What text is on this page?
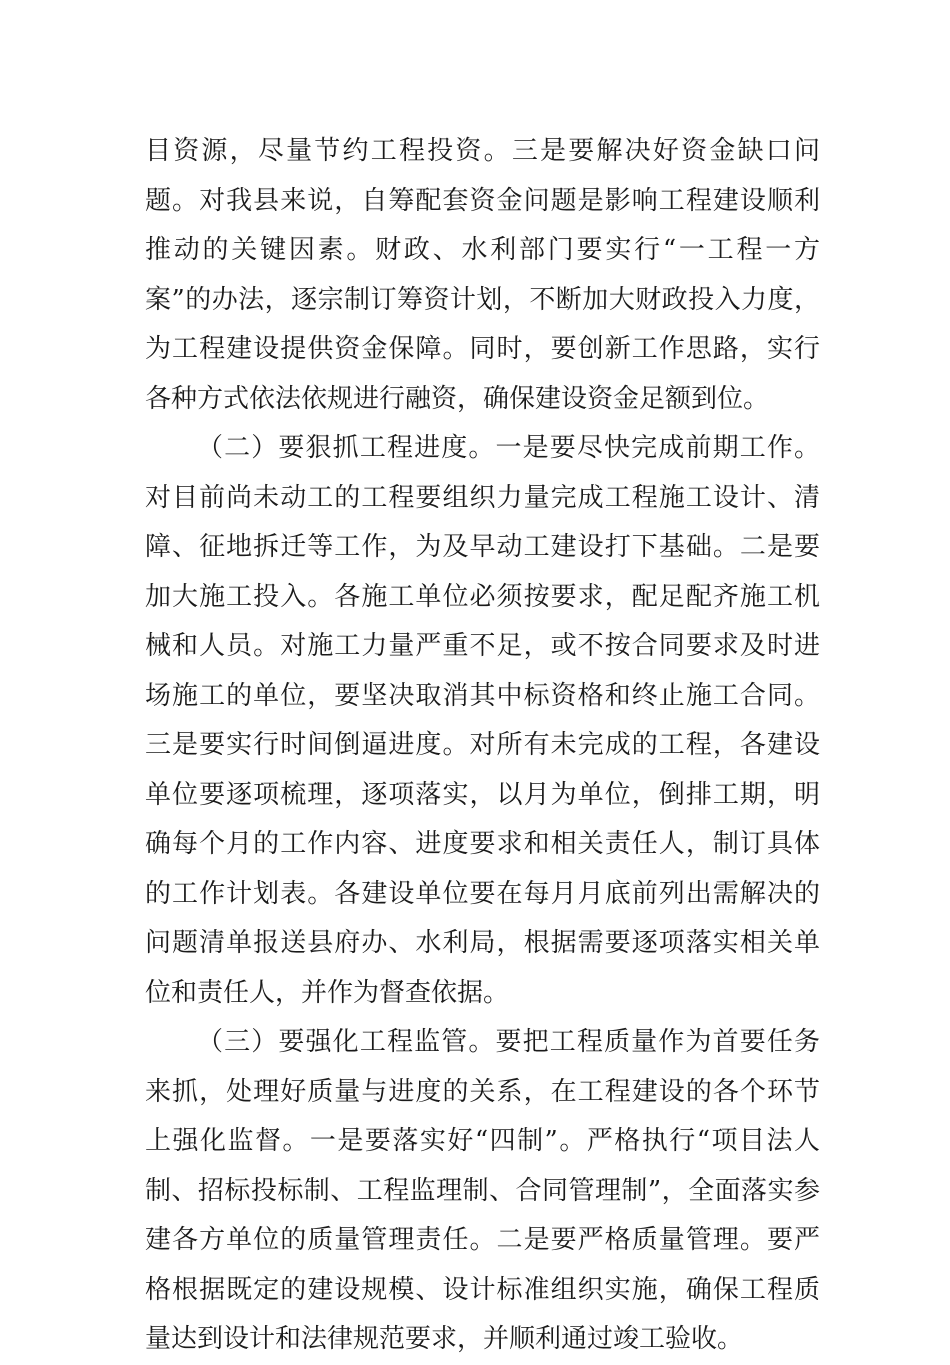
目资源，尽量节约工程投资。三是要解决好资金缺口问题。对我县来说，自筹配套资金问题是影响工程建设顺利推动的关键因素。财政、水利部门要实行“一工程一方案”的办法，逐宗制订筹资计划，不断加大财政投入力度，为工程建设提供资金保障。同时，要创新工作思路，实行各种方式依法依规进行融资，确保建设资金足额到位。

（二）要狠抓工程进度。一是要尽快完成前期工作。对目前尚未动工的工程要组织力量完成工程施工设计、清障、征地拆迁等工作，为及早动工建设打下基础。二是要加大施工投入。各施工单位必须按要求，配足配齐施工机械和人员。对施工力量严重不足，或不按合同要求及时进场施工的单位，要坚决取消其中标资格和终止施工合同。三是要实行时间倒逼进度。对所有未完成的工程，各建设单位要逐项梳理，逐项落实，以月为单位，倒排工期，明确每个月的工作内容、进度要求和相关责任人，制订具体的工作计划表。各建设单位要在每月月底前列出需解决的问题清单报送县府办、水利局，根据需要逐项落实相关单位和责任人，并作为督查依据。

（三）要强化工程监管。要把工程质量作为首要任务来抓，处理好质量与进度的关系，在工程建设的各个环节上强化监督。一是要落实好“四制”。严格执行“项目法人制、招标投标制、工程监理制、合同管理制”，全面落实参建各方单位的质量管理责任。二是要严格质量管理。要严格根据既定的建设规模、设计标准组织实施，确保工程质量达到设计和法律规范要求，并顺利通过竣工验收。
